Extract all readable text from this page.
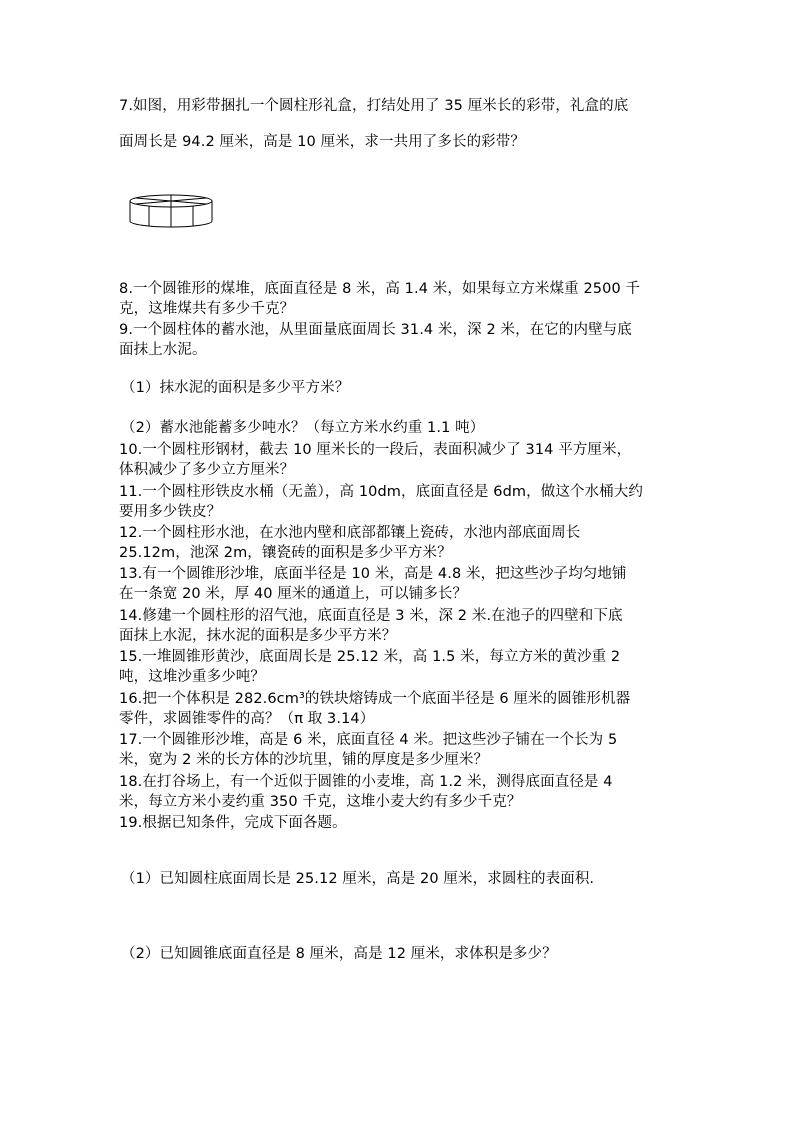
7.如图，用彩带捆扎一个圆柱形礼盒，打结处用了 35 厘米长的彩带，礼盒的底
面周长是 94.2 厘米，高是 10 厘米，求一共用了多长的彩带？
8.一个圆锥形的煤堆，底面直径是 8 米，高 1.4 米，如果每立方米煤重 2500 千
克，这堆煤共有多少千克？
9.一个圆柱体的蓄水池，从里面量底面周长 31.4 米，深 2 米，在它的内壁与底
面抹上水泥。
（1）抹水泥的面积是多少平方米？
（2）蓄水池能蓄多少吨水？（每立方米水约重 1.1 吨）
10.一个圆柱形钢材，截去 10 厘米长的一段后，表面积减少了 314 平方厘米，
体积减少了多少立方厘米？
11.一个圆柱形铁皮水桶（无盖），高 10dm，底面直径是 6dm，做这个水桶大约
要用多少铁皮？
12.一个圆柱形水池，在水池内壁和底部都镶上瓷砖，水池内部底面周长
25.12m，池深 2m，镶瓷砖的面积是多少平方米？
13.有一个圆锥形沙堆，底面半径是 10 米，高是 4.8 米，把这些沙子均匀地铺
在一条宽 20 米，厚 40 厘米的通道上，可以铺多长？
14.修建一个圆柱形的沼气池，底面直径是 3 米，深 2 米.在池子的四壁和下底
面抹上水泥，抹水泥的面积是多少平方米？
15.一堆圆锥形黄沙，底面周长是 25.12 米，高 1.5 米，每立方米的黄沙重 2
吨，这堆沙重多少吨？
16.把一个体积是 282.6cm³的铁块熔铸成一个底面半径是 6 厘米的圆锥形机器
零件，求圆锥零件的高？（π 取 3.14）
17.一个圆锥形沙堆，高是 6 米，底面直径 4 米。把这些沙子铺在一个长为 5
米，宽为 2 米的长方体的沙坑里，铺的厚度是多少厘米？
18.在打谷场上，有一个近似于圆锥的小麦堆，高 1.2 米，测得底面直径是 4
米，每立方米小麦约重 350 千克，这堆小麦大约有多少千克？
19.根据已知条件，完成下面各题。
（1）已知圆柱底面周长是 25.12 厘米，高是 20 厘米，求圆柱的表面积.
（2）已知圆锥底面直径是 8 厘米，高是 12 厘米，求体积是多少？
